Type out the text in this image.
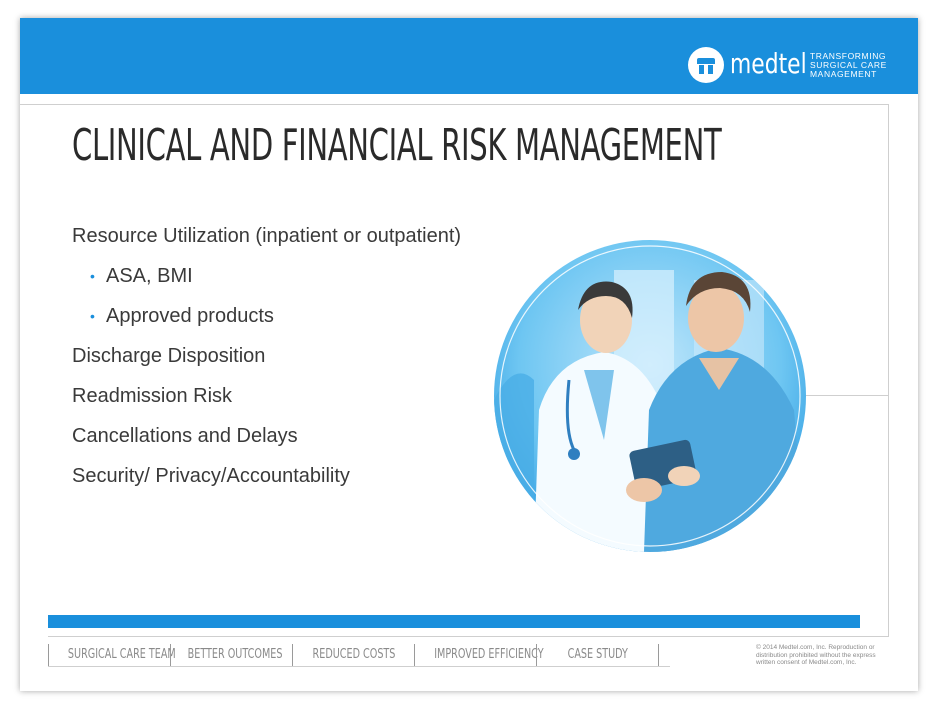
medtel TRANSFORMING
SURGICAL CARE
MANAGEMENT
CLINICAL AND FINANCIAL RISK MANAGEMENT
Resource Utilization (inpatient or outpatient)
• ASA, BMI
• Approved products
Discharge Disposition
Readmission Risk
Cancellations and Delays
Security/ Privacy/Accountability
SURGICAL CARE TEAM BETTER OUTCOMES	REDUCED COSTS	IMPROVED EFFICIENCY	CASE STUDY	© 2014 Medtel.com, Inc. Reproduction or distribution prohibited without the express written consent of Medtel.com, Inc.
